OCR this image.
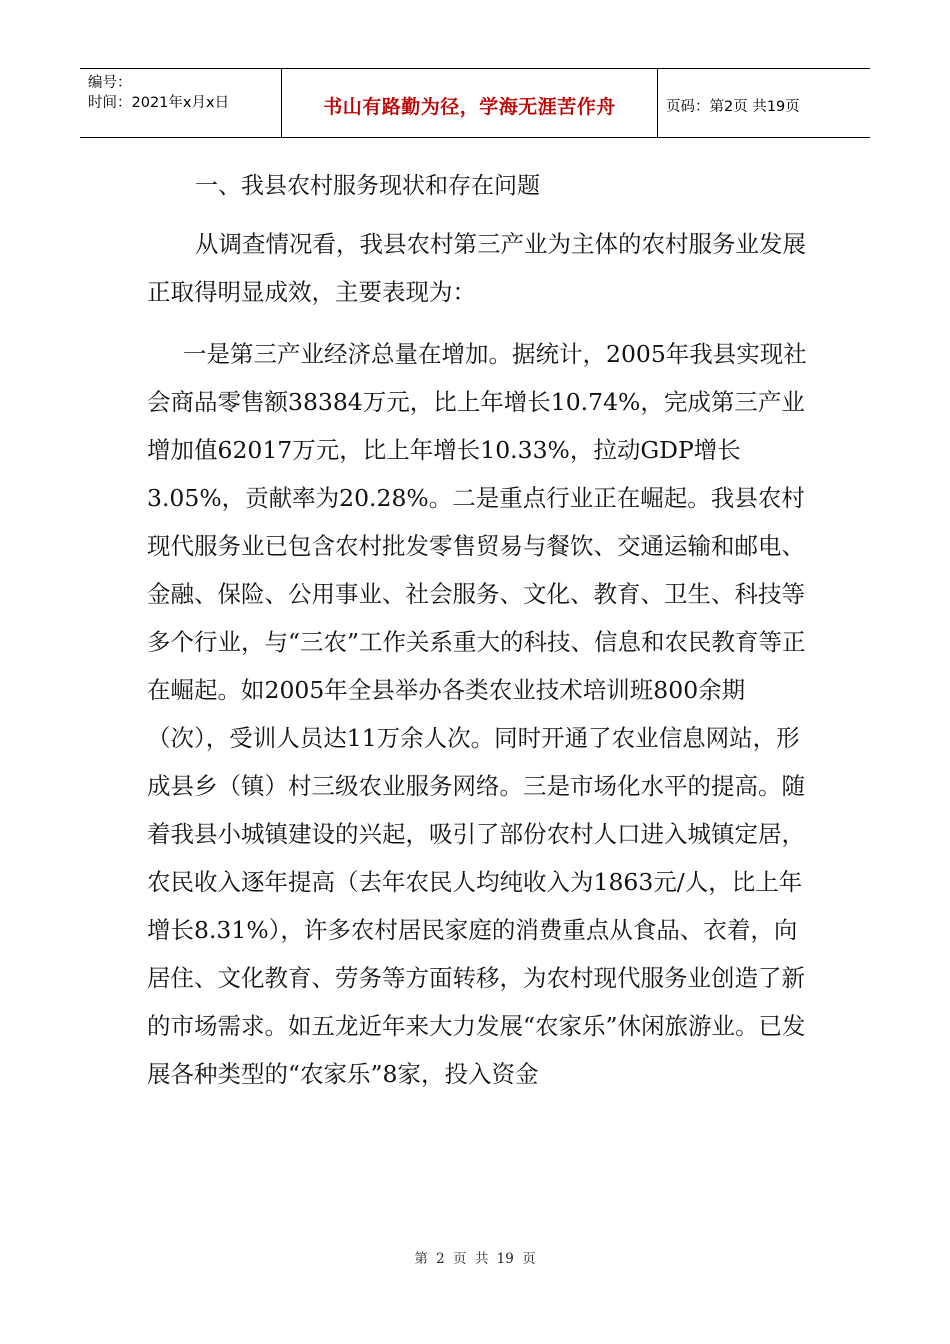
编号：
时间：2021年x月x日	书山有路勤为径，学海无涯苦作舟	页码：第2页 共19页
一、我县农村服务现状和存在问题

从调查情况看，我县农村第三产业为主体的农村服务业发展正取得明显成效，主要表现为：

一是第三产业经济总量在增加。据统计，2005年我县实现社会商品零售额38384万元，比上年增长10.74%，完成第三产业增加值62017万元，比上年增长10.33%，拉动GDP增长3.05%，贡献率为20.28%。二是重点行业正在崛起。我县农村现代服务业已包含农村批发零售贸易与餐饮、交通运输和邮电、金融、保险、公用事业、社会服务、文化、教育、卫生、科技等多个行业，与“三农”工作关系重大的科技、信息和农民教育等正在崛起。如2005年全县举办各类农业技术培训班800余期（次），受训人员达11万余人次。同时开通了农业信息网站，形成县乡（镇）村三级农业服务网络。三是市场化水平的提高。随着我县小城镇建设的兴起，吸引了部份农村人口进入城镇定居，农民收入逐年提高（去年农民人均纯收入为1863元/人，比上年增长8.31%），许多农村居民家庭的消费重点从食品、衣着，向居住、文化教育、劳务等方面转移，为农村现代服务业创造了新的市场需求。如五龙近年来大力发展“农家乐”休闲旅游业。已发展各种类型的“农家乐”8家，投入资金

第 2 页 共 19 页
